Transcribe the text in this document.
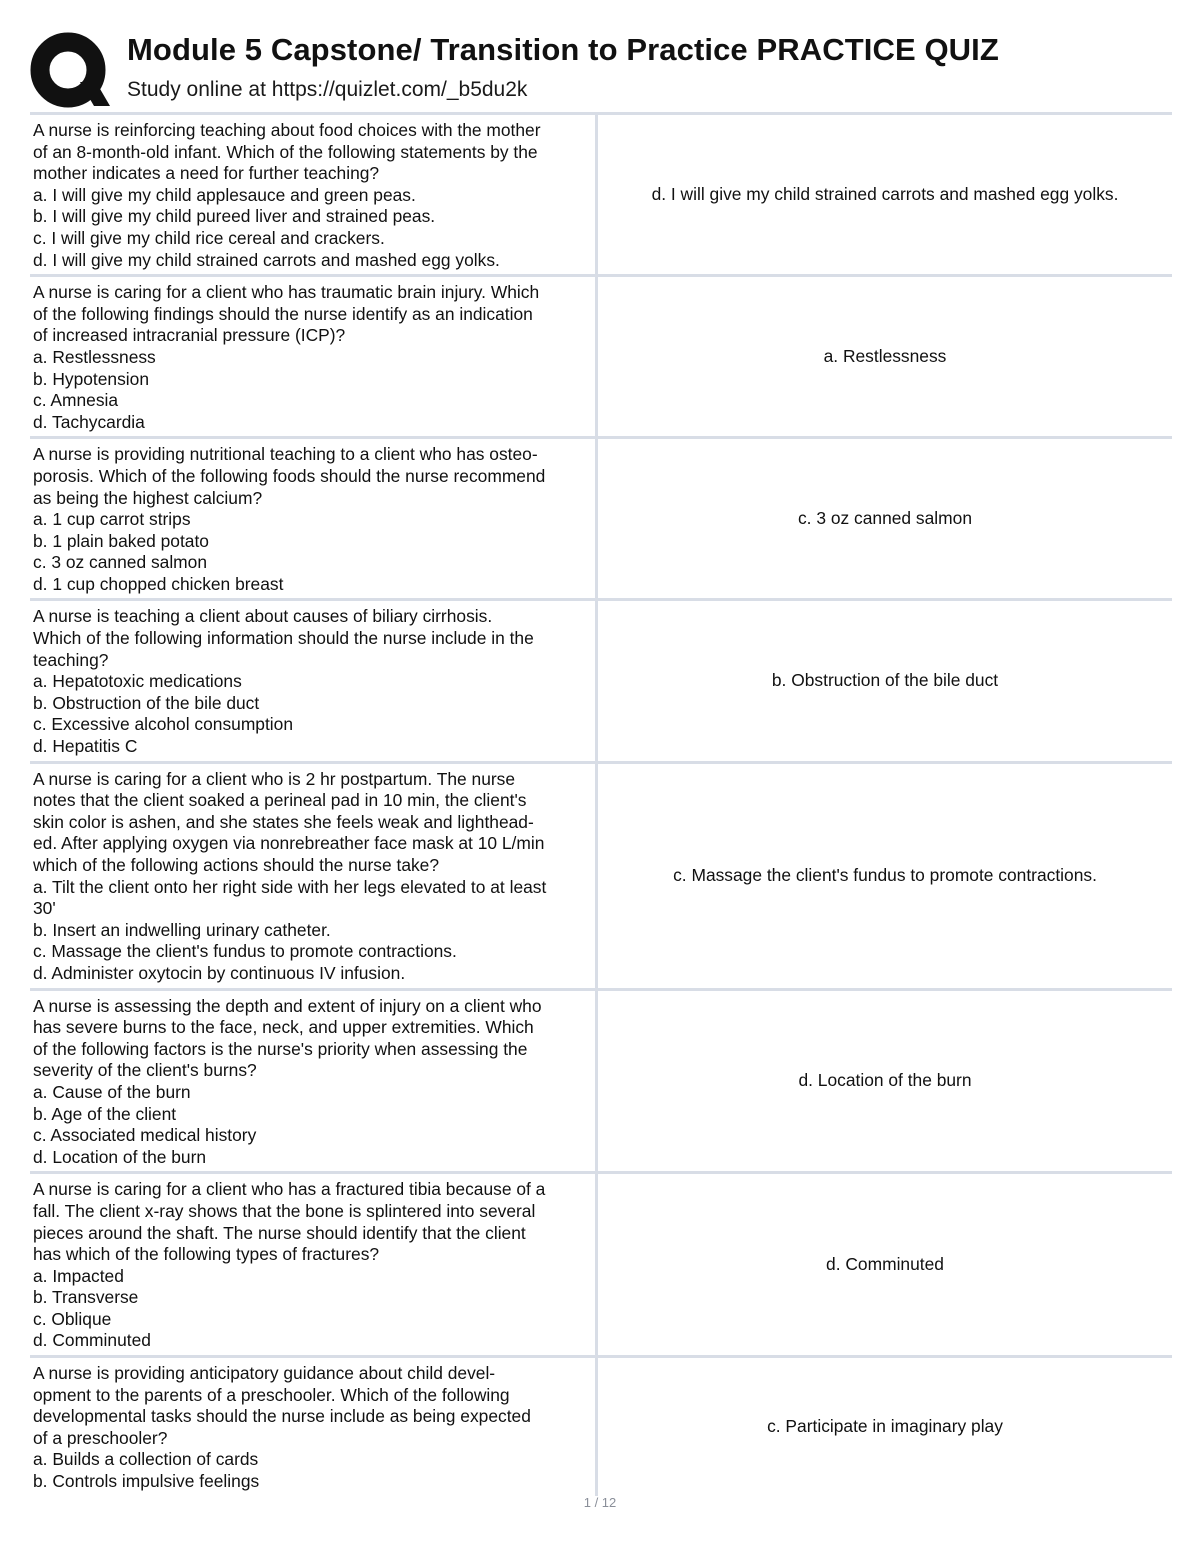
Module 5 Capstone/ Transition to Practice PRACTICE QUIZ
Study online at https://quizlet.com/_b5du2k
A nurse is reinforcing teaching about food choices with the mother
of an 8-month-old infant. Which of the following statements by the
mother indicates a need for further teaching?
a. I will give my child applesauce and green peas.
b. I will give my child pureed liver and strained peas.
c. I will give my child rice cereal and crackers.
d. I will give my child strained carrots and mashed egg yolks.
d. I will give my child strained carrots and mashed egg yolks.
A nurse is caring for a client who has traumatic brain injury. Which
of the following findings should the nurse identify as an indication
of increased intracranial pressure (ICP)?
a. Restlessness
b. Hypotension
c. Amnesia
d. Tachycardia
a. Restlessness
A nurse is providing nutritional teaching to a client who has osteo-
porosis. Which of the following foods should the nurse recommend
as being the highest calcium?
a. 1 cup carrot strips
b. 1 plain baked potato
c. 3 oz canned salmon
d. 1 cup chopped chicken breast
c. 3 oz canned salmon
A nurse is teaching a client about causes of biliary cirrhosis.
Which of the following information should the nurse include in the
teaching?
a. Hepatotoxic medications
b. Obstruction of the bile duct
c. Excessive alcohol consumption
d. Hepatitis C
b. Obstruction of the bile duct
A nurse is caring for a client who is 2 hr postpartum. The nurse
notes that the client soaked a perineal pad in 10 min, the client's
skin color is ashen, and she states she feels weak and lighthead-
ed. After applying oxygen via nonrebreather face mask at 10 L/min
which of the following actions should the nurse take?
a. Tilt the client onto her right side with her legs elevated to at least
30'
b. Insert an indwelling urinary catheter.
c. Massage the client's fundus to promote contractions.
d. Administer oxytocin by continuous IV infusion.
c. Massage the client's fundus to promote contractions.
A nurse is assessing the depth and extent of injury on a client who
has severe burns to the face, neck, and upper extremities. Which
of the following factors is the nurse's priority when assessing the
severity of the client's burns?
a. Cause of the burn
b. Age of the client
c. Associated medical history
d. Location of the burn
d. Location of the burn
A nurse is caring for a client who has a fractured tibia because of a
fall. The client x-ray shows that the bone is splintered into several
pieces around the shaft. The nurse should identify that the client
has which of the following types of fractures?
a. Impacted
b. Transverse
c. Oblique
d. Comminuted
d. Comminuted
A nurse is providing anticipatory guidance about child devel-
opment to the parents of a preschooler. Which of the following
developmental tasks should the nurse include as being expected
of a preschooler?
a. Builds a collection of cards
b. Controls impulsive feelings
c. Participate in imaginary play
1 / 12
